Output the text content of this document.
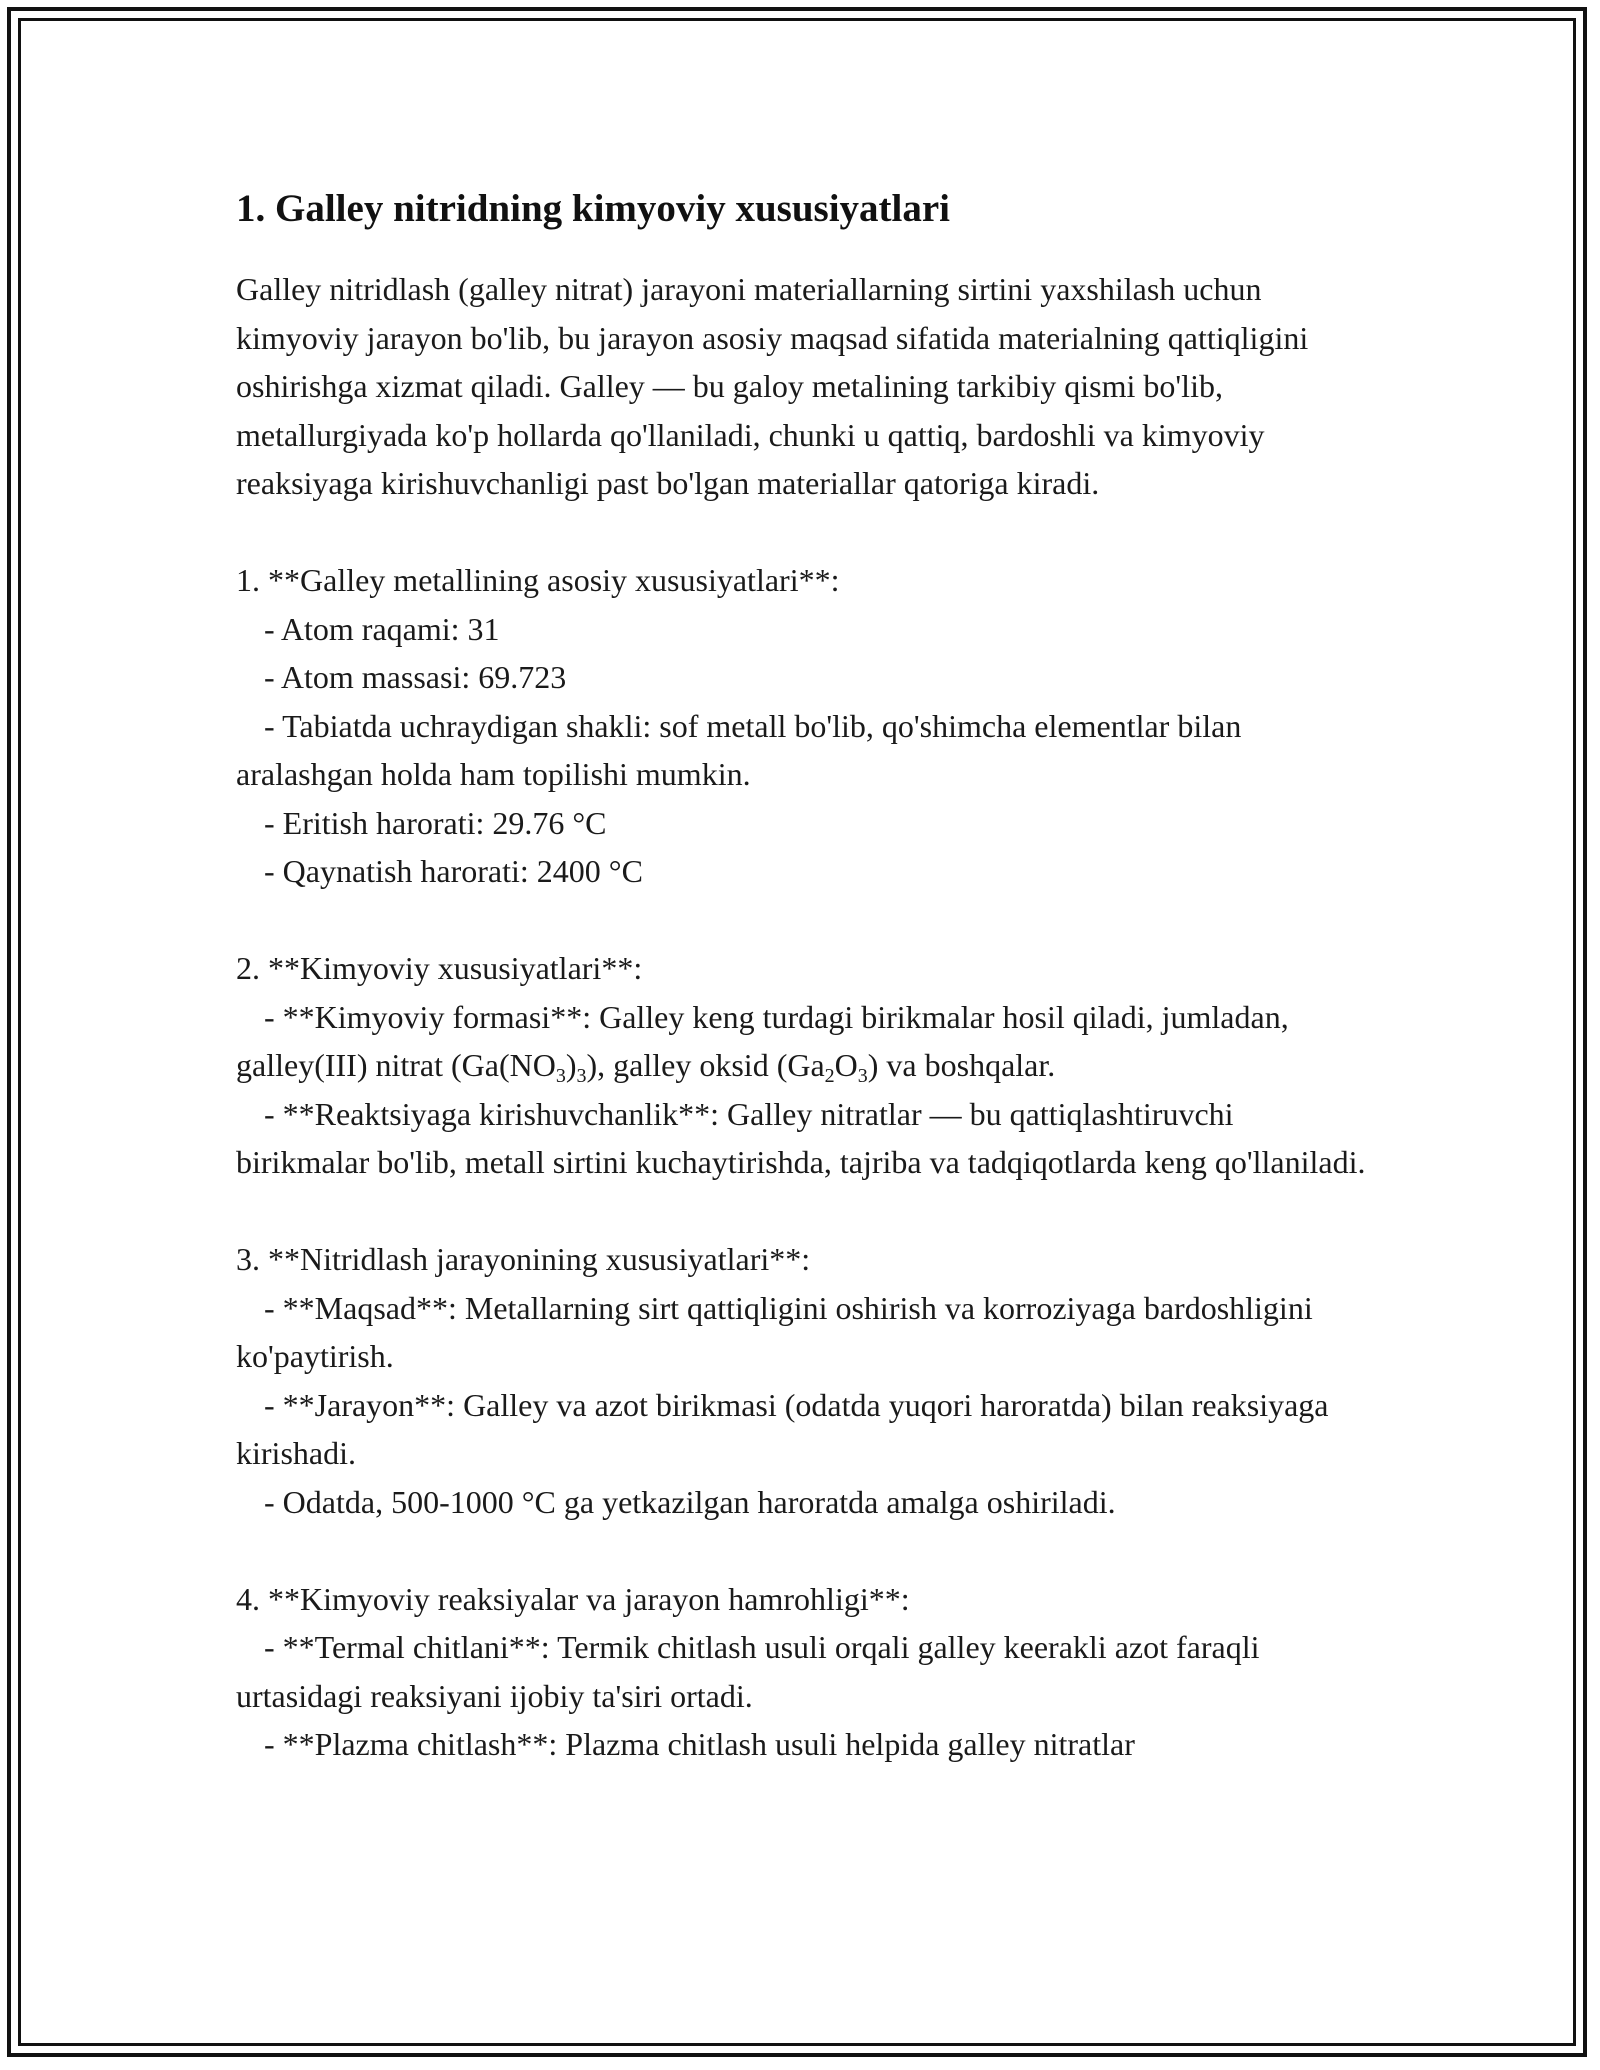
1. Galley nitridning kimyoviy xususiyatlari

Galley nitridlash (galley nitrat) jarayoni materiallarning sirtini yaxshilash uchun kimyoviy jarayon bo'lib, bu jarayon asosiy maqsad sifatida materialning qattiqligini oshirishga xizmat qiladi. Galley — bu galoy metalining tarkibiy qismi bo'lib, metallurgiyada ko'p hollarda qo'llaniladi, chunki u qattiq, bardoshli va kimyoviy reaksiyaga kirishuvchanligi past bo'lgan materiallar qatoriga kiradi.

1. **Galley metallining asosiy xususiyatlari**:
- Atom raqami: 31
- Atom massasi: 69.723
- Tabiatda uchraydigan shakli: sof metall bo'lib, qo'shimcha elementlar bilan aralashgan holda ham topilishi mumkin.
- Eritish harorati: 29.76 °C
- Qaynatish harorati: 2400 °C
2. **Kimyoviy xususiyatlari**:
- **Kimyoviy formasi**: Galley keng turdagi birikmalar hosil qiladi, jumladan, galley(III) nitrat $(Ga(NO_3)_3)$, galley oksid $(Ga_2O_3)$ va boshqalar.
- **Reaktsiyaga kirishuvchanlik**: Galley nitratlar — bu qattiqlashtiruvchi birikmalar bo'lib, metall sirtini kuchaytirishda, tajriba va tadqiqotlarda keng qo'llaniladi.
3. **Nitridlash jarayonining xususiyatlari**:
- **Maqsad**: Metallarning sirt qattiqligini oshirish va korroziyaga bardoshligini ko'paytirish.
- **Jarayon**: Galley va azot birikmasi (odatda yuqori haroratda) bilan reaksiyaga kirishadi.
- Odatda, 500-1000 °C ga yetkazilgan haroratda amalga oshiriladi.
4. **Kimyoviy reaksiyalar va jarayon hamrohligi**:
- **Termal chitlani**: Termik chitlash usuli orqali galley keerakli azot faraqli urtasidagi reaksiyani ijobiy ta'siri ortadi.
- **Plazma chitlash**: Plazma chitlash usuli helpida galley nitratlar
